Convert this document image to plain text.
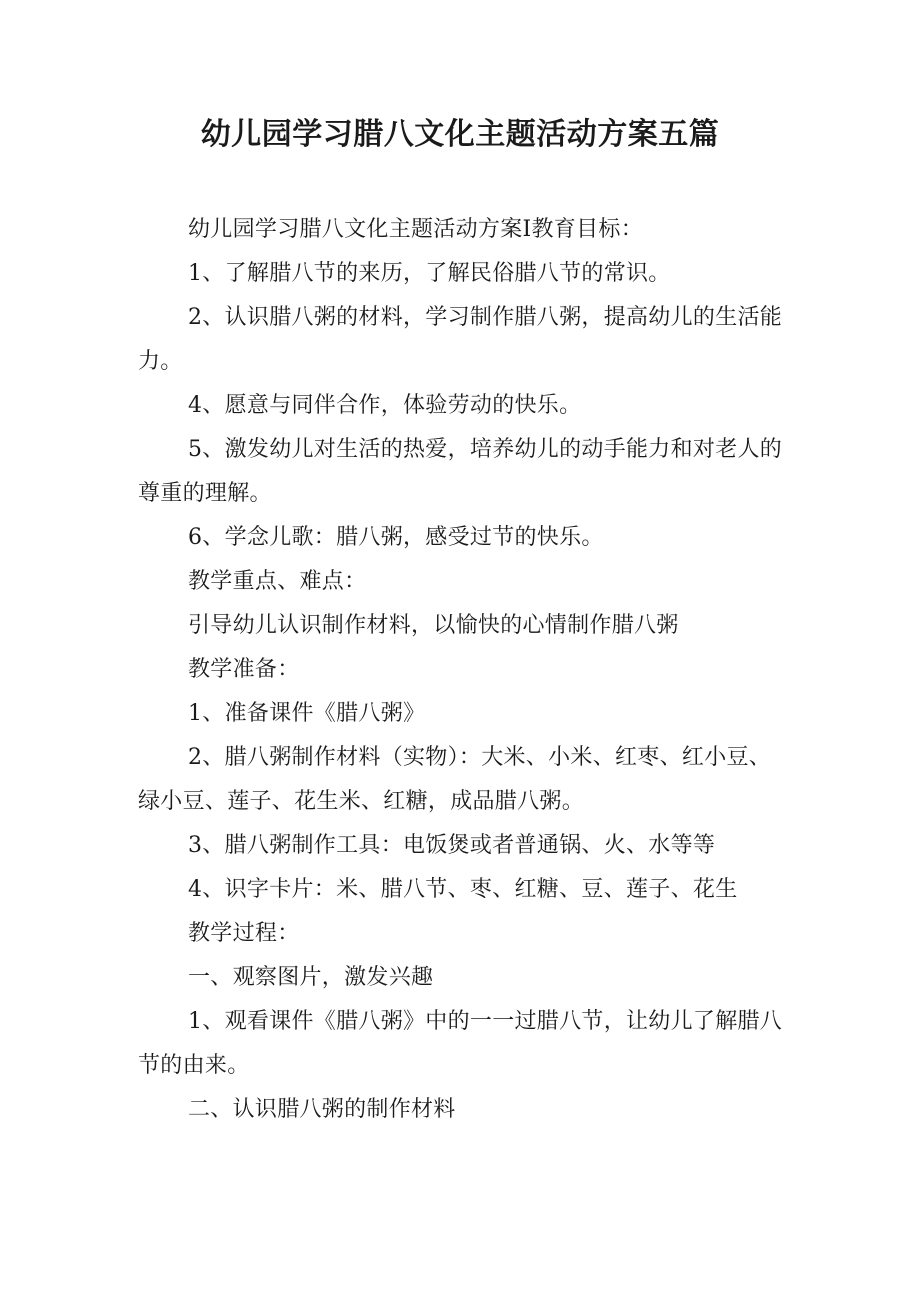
幼儿园学习腊八文化主题活动方案五篇

幼儿园学习腊八文化主题活动方案I教育目标：

1、了解腊八节的来历，了解民俗腊八节的常识。

2、认识腊八粥的材料，学习制作腊八粥，提高幼儿的生活能力。

4、愿意与同伴合作，体验劳动的快乐。

5、激发幼儿对生活的热爱，培养幼儿的动手能力和对老人的尊重的理解。

6、学念儿歌：腊八粥，感受过节的快乐。

教学重点、难点：

引导幼儿认识制作材料，以愉快的心情制作腊八粥

教学准备：

1、准备课件《腊八粥》

2、腊八粥制作材料（实物）：大米、小米、红枣、红小豆、绿小豆、莲子、花生米、红糖，成品腊八粥。

3、腊八粥制作工具：电饭煲或者普通锅、火、水等等

4、识字卡片：米、腊八节、枣、红糖、豆、莲子、花生

教学过程：

一、观察图片，激发兴趣

1、观看课件《腊八粥》中的一一过腊八节，让幼儿了解腊八节的由来。

二、认识腊八粥的制作材料
